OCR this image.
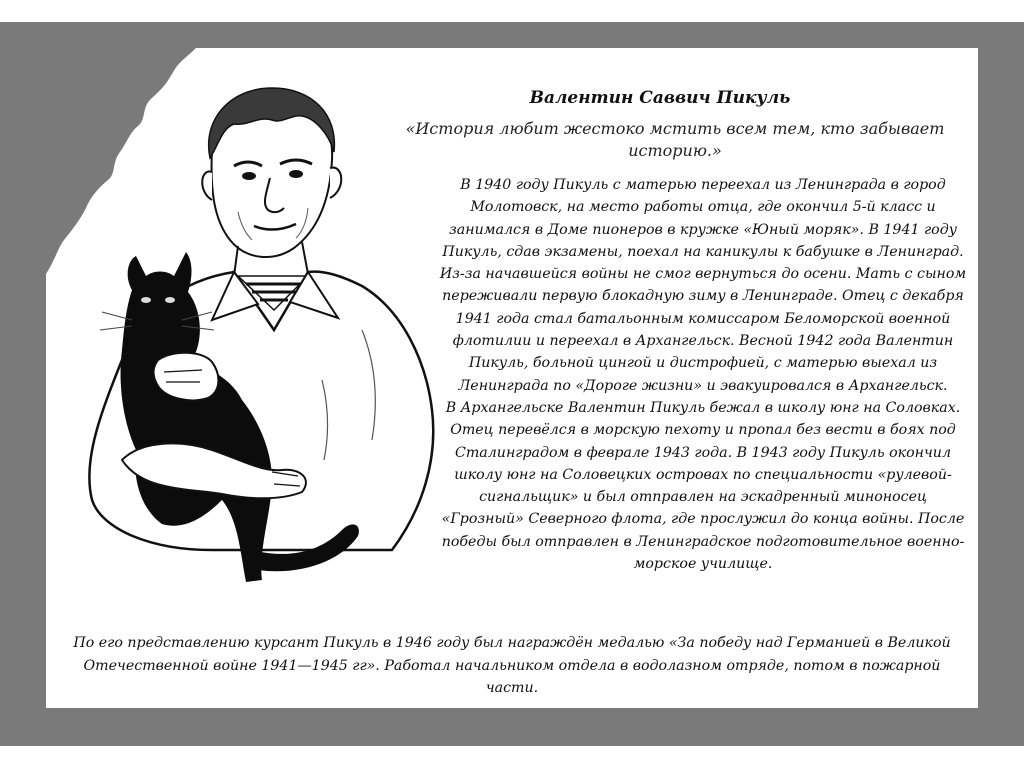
Валентин Саввич Пикуль
«История любит жестоко мстить всем тем, кто забывает историю.»

В 1940 году Пикуль с матерью переехал из Ленинграда в город Молотовск, на место работы отца, где окончил 5-й класс и занимался в Доме пионеров в кружке «Юный моряк». В 1941 году Пикуль, сдав экзамены, поехал на каникулы к бабушке в Ленинград. Из-за начавшейся войны не смог вернуться до осени. Мать с сыном переживали первую блокадную зиму в Ленинграде. Отец с декабря 1941 года стал батальонным комиссаром Беломорской военной флотилии и переехал в Архангельск. Весной 1942 года Валентин Пикуль, больной цингой и дистрофией, с матерью выехал из Ленинграда по «Дороге жизни» и эвакуировался в Архангельск.

В Архангельске Валентин Пикуль бежал в школу юнг на Соловках. Отец перевёлся в морскую пехоту и пропал без вести в боях под Сталинградом в феврале 1943 года. В 1943 году Пикуль окончил школу юнг на Соловецких островах по специальности «рулевой-сигнальщик» и был отправлен на эскадренный миноносец «Грозный» Северного флота, где прослужил до конца войны. После победы был отправлен в Ленинградское подготовительное военно-морское училище.

По его представлению курсант Пикуль в 1946 году был награждён медалью «За победу над Германией в Великой Отечественной войне 1941—1945 гг». Работал начальником отдела в водолазном отряде, потом в пожарной части.
